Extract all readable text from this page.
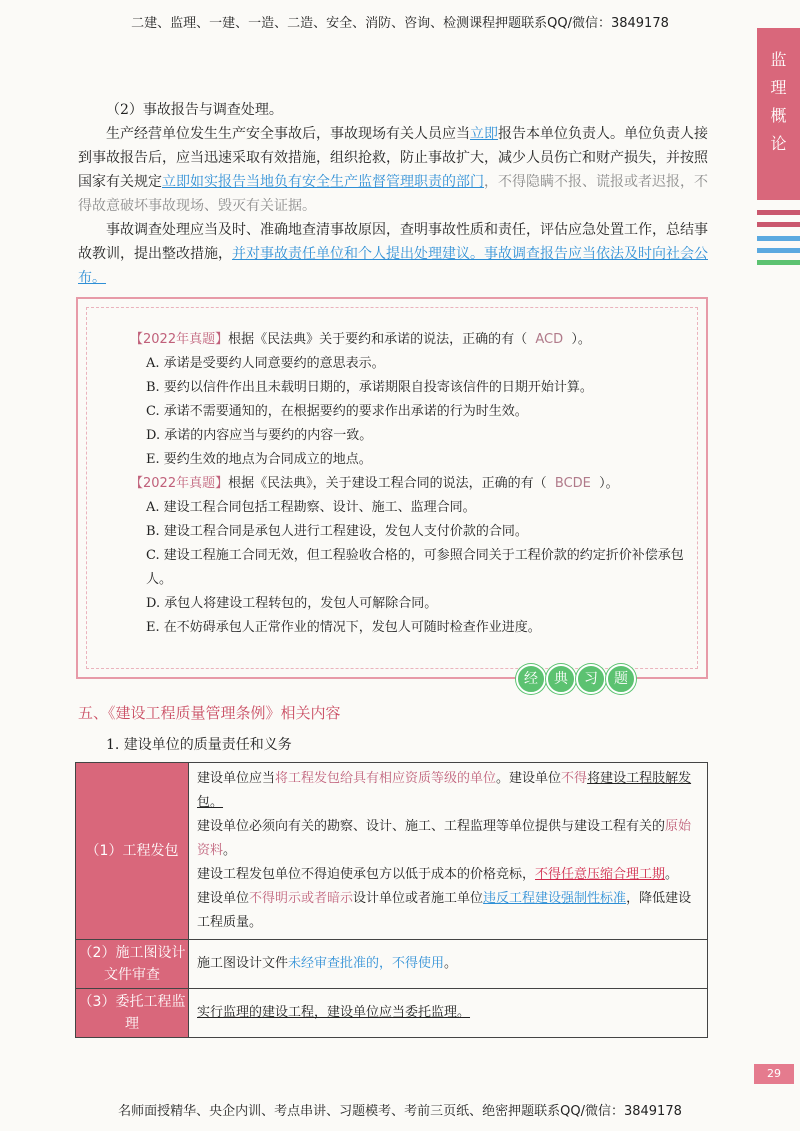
二建、监理、一建、一造、二造、安全、消防、咨询、检测课程押题联系QQ/微信：3849178
监
理
概
论
（2）事故报告与调查处理。
生产经营单位发生生产安全事故后，事故现场有关人员应当立即报告本单位负责人。单位负责人接到事故报告后，应当迅速采取有效措施，组织抢救，防止事故扩大，减少人员伤亡和财产损失，并按照国家有关规定立即如实报告当地负有安全生产监督管理职责的部门，不得隐瞒不报、谎报或者迟报，不得故意破坏事故现场、毁灭有关证据。
事故调查处理应当及时、准确地查清事故原因，查明事故性质和责任，评估应急处置工作，总结事故教训，提出整改措施，并对事故责任单位和个人提出处理建议。事故调查报告应当依法及时向社会公布。
【2022年真题】根据《民法典》关于要约和承诺的说法，正确的有（ ACD ）。
A. 承诺是受要约人同意要约的意思表示。
B. 要约以信件作出且未载明日期的，承诺期限自投寄该信件的日期开始计算。
C. 承诺不需要通知的，在根据要约的要求作出承诺的行为时生效。
D. 承诺的内容应当与要约的内容一致。
E. 要约生效的地点为合同成立的地点。
【2022年真题】根据《民法典》，关于建设工程合同的说法，正确的有（ BCDE ）。
A. 建设工程合同包括工程勘察、设计、施工、监理合同。
B. 建设工程合同是承包人进行工程建设，发包人支付价款的合同。
C. 建设工程施工合同无效，但工程验收合格的，可参照合同关于工程价款的约定折价补偿承包人。
D. 承包人将建设工程转包的，发包人可解除合同。
E. 在不妨碍承包人正常作业的情况下，发包人可随时检查作业进度。
经	典	习	题
五、《建设工程质量管理条例》相关内容
1. 建设单位的质量责任和义务
（1）工程发包	建设单位应当将工程发包给具有相应资质等级的单位。建设单位不得将建设工程肢解发包。
建设单位必须向有关的勘察、设计、施工、工程监理等单位提供与建设工程有关的原始资料。
建设工程发包单位不得迫使承包方以低于成本的价格竞标，不得任意压缩合理工期。
建设单位不得明示或者暗示设计单位或者施工单位违反工程建设强制性标准，降低建设工程质量。

（2）施工图设计文件审查	施工图设计文件未经审查批准的，不得使用。
（3）委托工程监理	实行监理的建设工程，建设单位应当委托监理。
29
名师面授精华、央企内训、考点串讲、习题模考、考前三页纸、绝密押题联系QQ/微信：3849178
